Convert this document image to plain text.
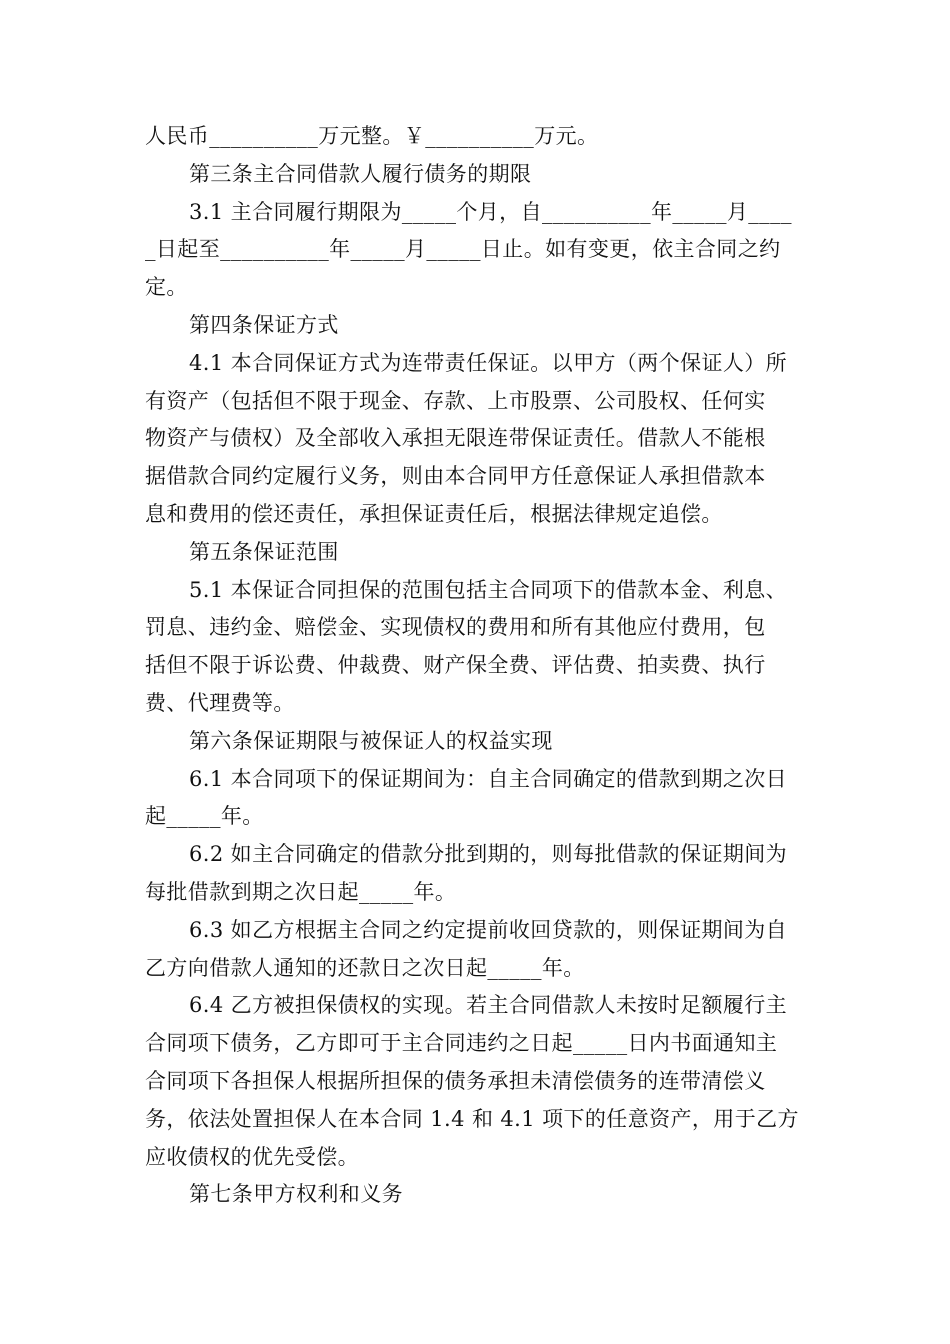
人民币__________万元整。￥__________万元。
第三条主合同借款人履行债务的期限
3.1 主合同履行期限为_____个月，自__________年_____月____
_日起至__________年_____月_____日止。如有变更，依主合同之约
定。
第四条保证方式
4.1 本合同保证方式为连带责任保证。以甲方（两个保证人）所
有资产（包括但不限于现金、存款、上市股票、公司股权、任何实
物资产与债权）及全部收入承担无限连带保证责任。借款人不能根
据借款合同约定履行义务，则由本合同甲方任意保证人承担借款本
息和费用的偿还责任，承担保证责任后，根据法律规定追偿。
第五条保证范围
5.1 本保证合同担保的范围包括主合同项下的借款本金、利息、
罚息、违约金、赔偿金、实现债权的费用和所有其他应付费用，包
括但不限于诉讼费、仲裁费、财产保全费、评估费、拍卖费、执行
费、代理费等。
第六条保证期限与被保证人的权益实现
6.1 本合同项下的保证期间为：自主合同确定的借款到期之次日
起_____年。
6.2 如主合同确定的借款分批到期的，则每批借款的保证期间为
每批借款到期之次日起_____年。
6.3 如乙方根据主合同之约定提前收回贷款的，则保证期间为自
乙方向借款人通知的还款日之次日起_____年。
6.4 乙方被担保债权的实现。若主合同借款人未按时足额履行主
合同项下债务，乙方即可于主合同违约之日起_____日内书面通知主
合同项下各担保人根据所担保的债务承担未清偿债务的连带清偿义
务，依法处置担保人在本合同 1.4 和 4.1 项下的任意资产，用于乙方
应收债权的优先受偿。
第七条甲方权利和义务
